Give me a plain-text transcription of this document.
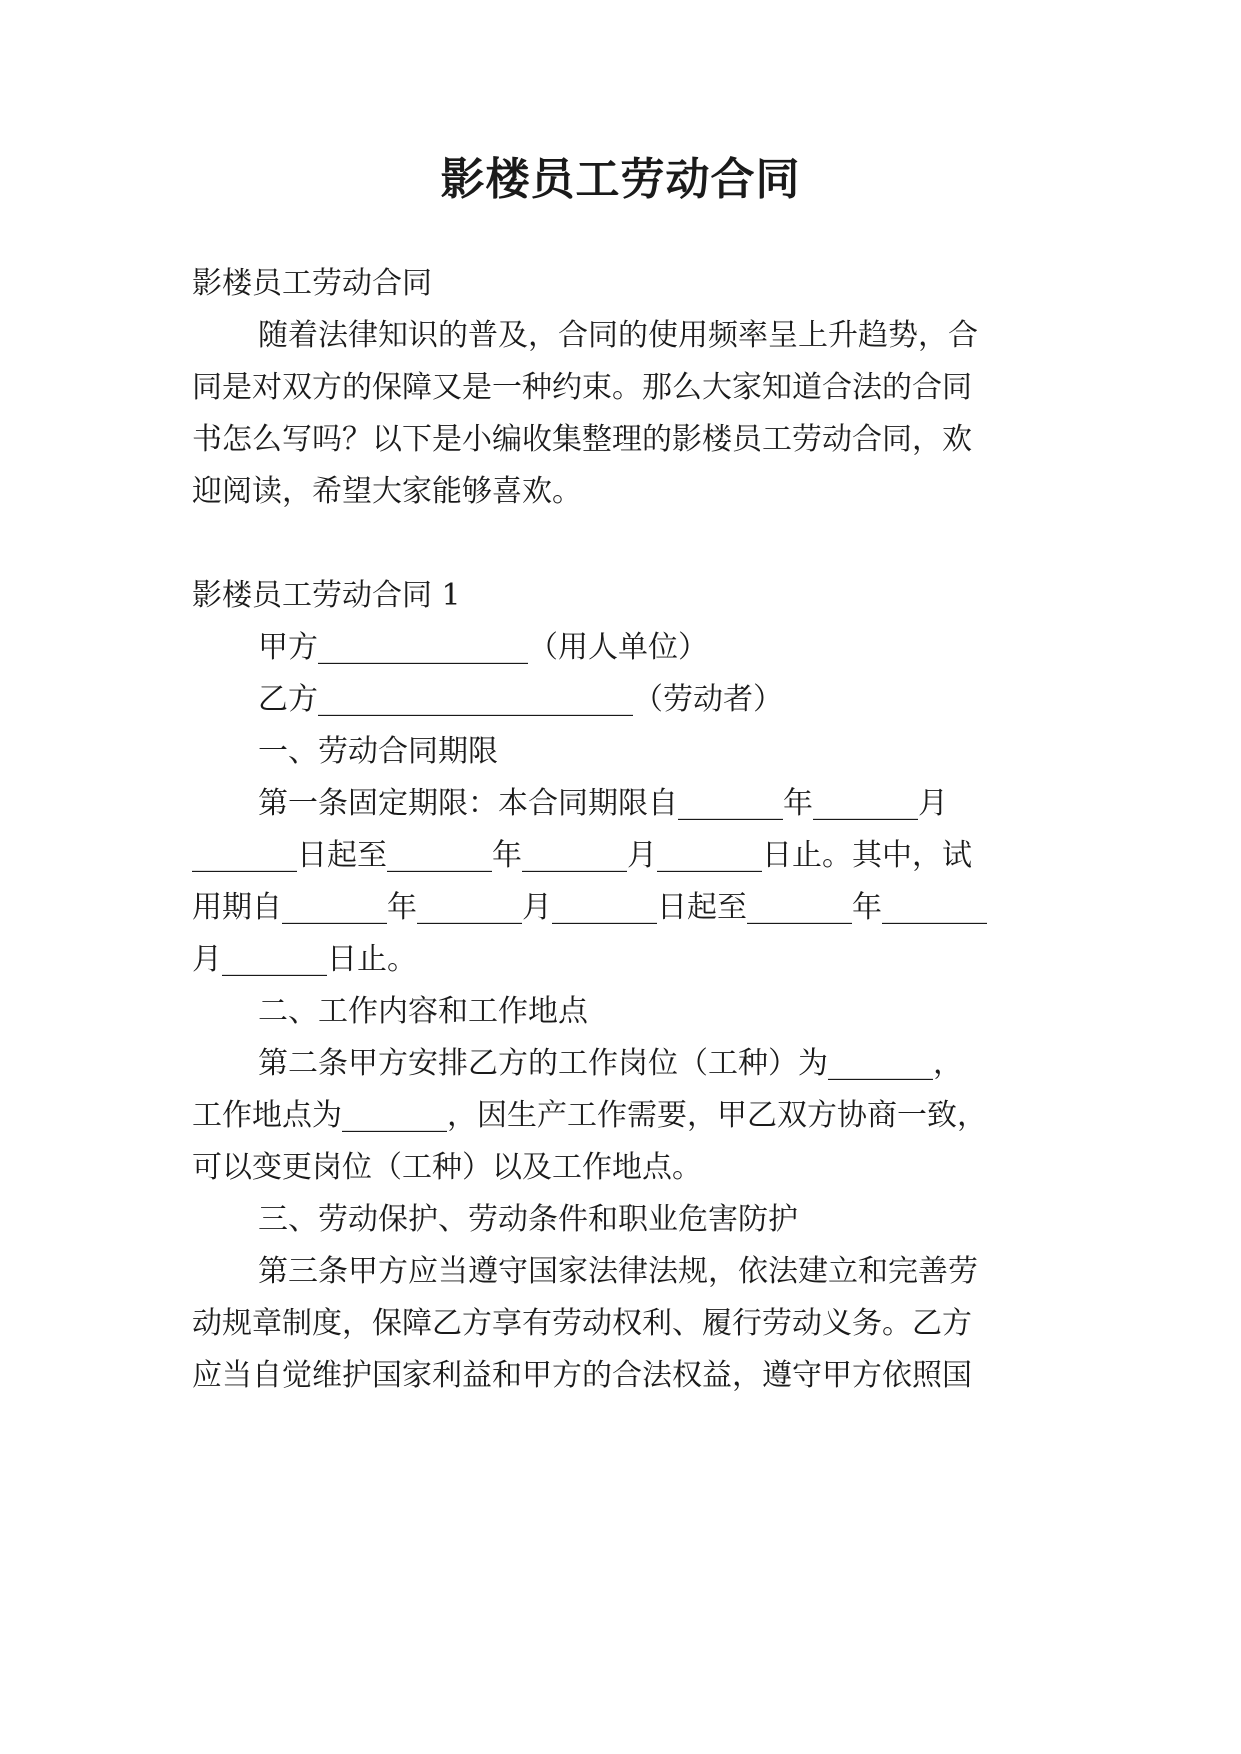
影楼员工劳动合同

影楼员工劳动合同

随着法律知识的普及，合同的使用频率呈上升趋势，合

同是对双方的保障又是一种约束。那么大家知道合法的合同

书怎么写吗？以下是小编收集整理的影楼员工劳动合同，欢

迎阅读，希望大家能够喜欢。

影楼员工劳动合同 1

甲方______________（用人单位）

乙方_____________________（劳动者）

一、劳动合同期限

第一条固定期限：本合同期限自_______年_______月

_______日起至_______年_______月_______日止。其中，试

用期自_______年_______月_______日起至_______年_______

月_______日止。

二、工作内容和工作地点

第二条甲方安排乙方的工作岗位（工种）为_______，

工作地点为_______，因生产工作需要，甲乙双方协商一致，

可以变更岗位（工种）以及工作地点。

三、劳动保护、劳动条件和职业危害防护

第三条甲方应当遵守国家法律法规，依法建立和完善劳

动规章制度，保障乙方享有劳动权利、履行劳动义务。乙方

应当自觉维护国家利益和甲方的合法权益，遵守甲方依照国
